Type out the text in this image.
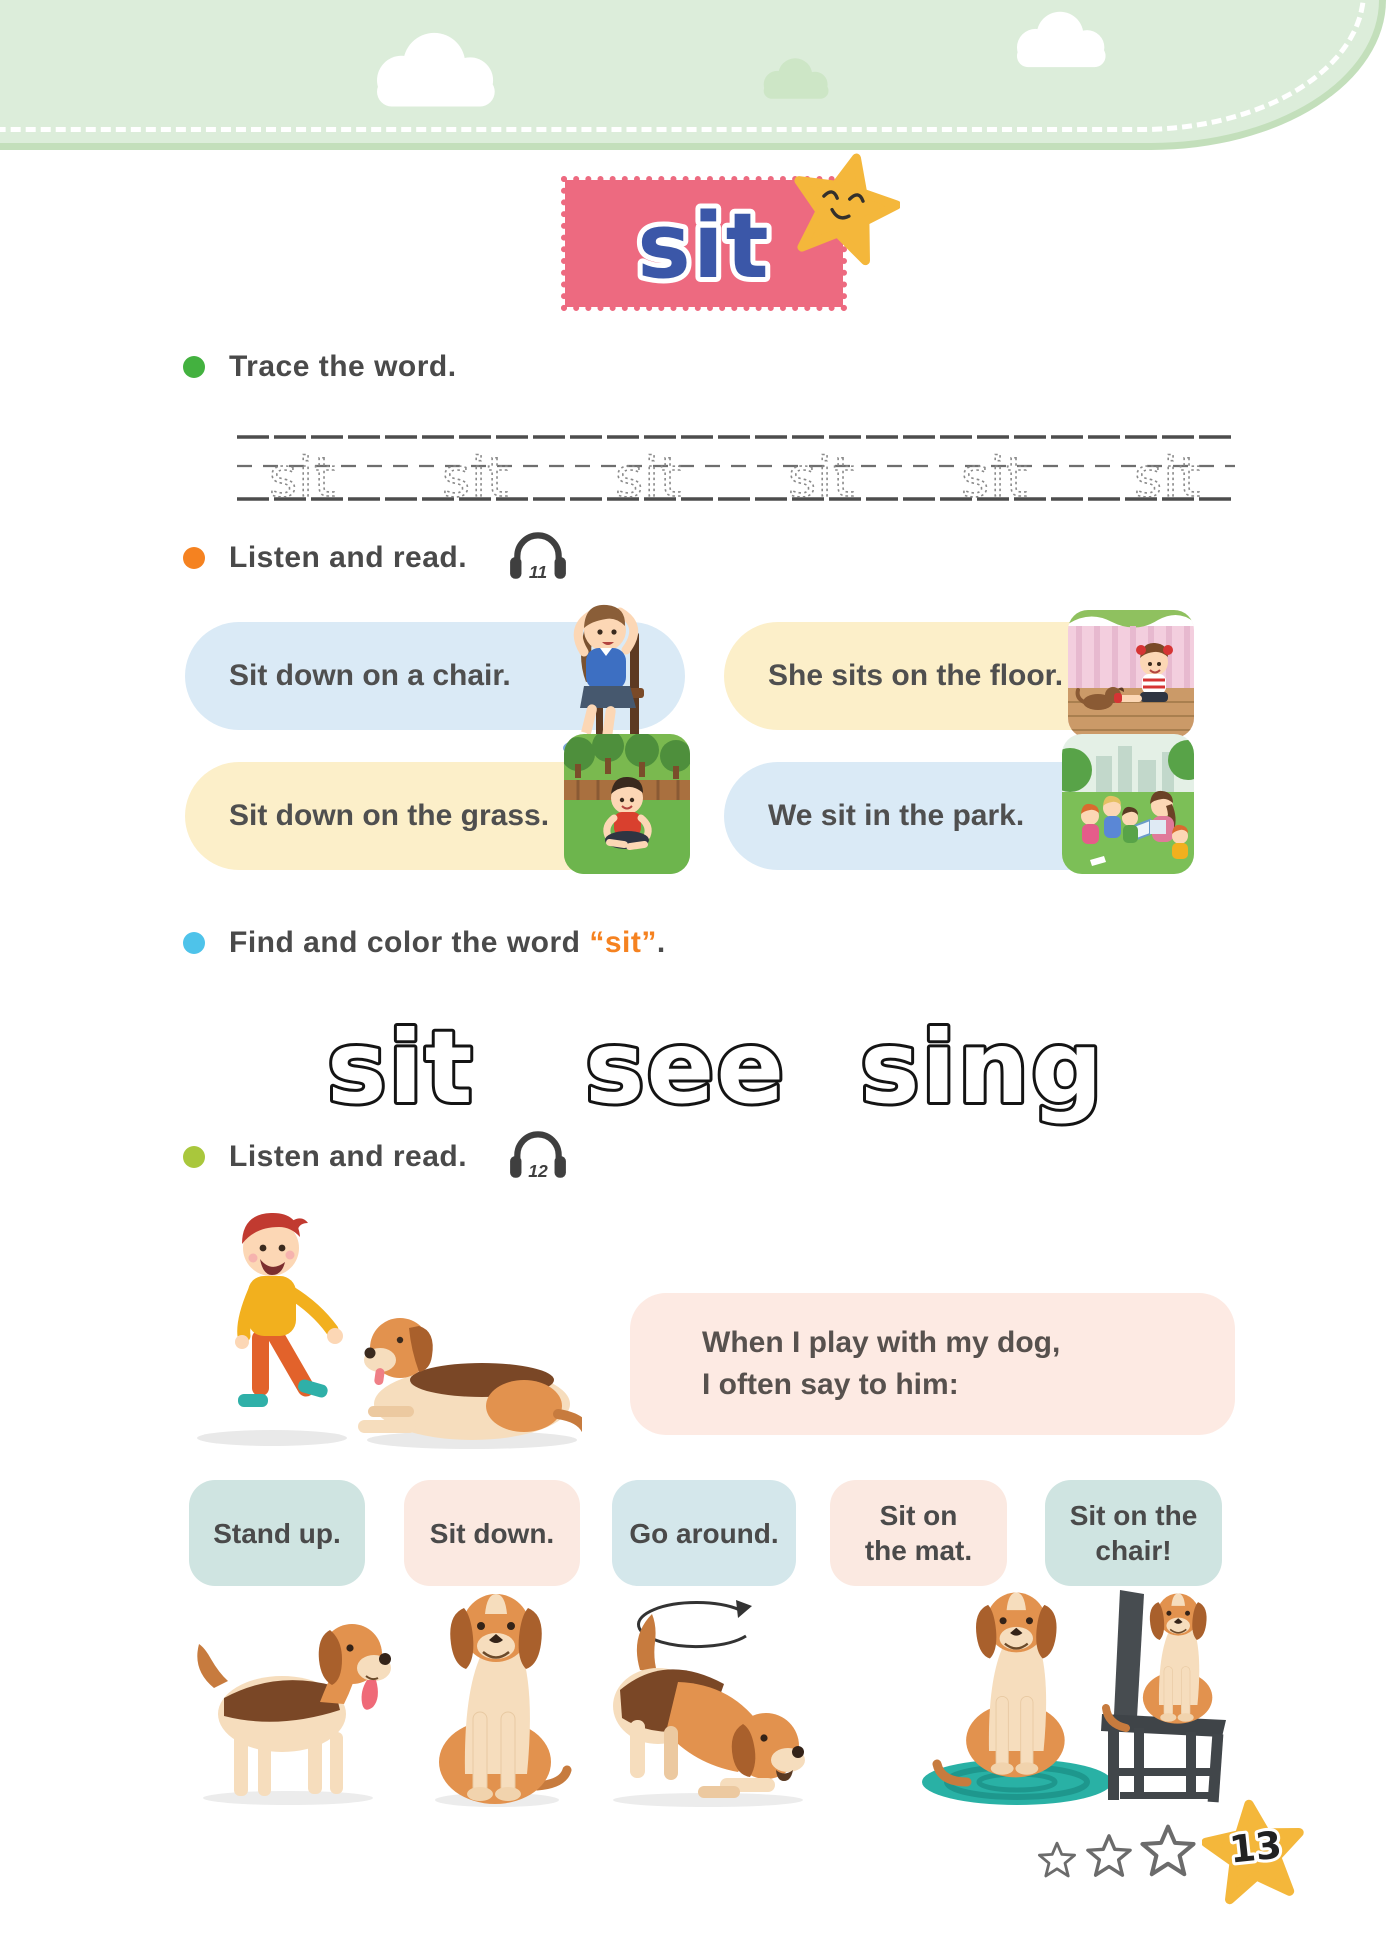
sit
Trace the word.
sit sit sit sit sit sit
Listen and read.	11
Sit down on a chair.	She sits on the floor.
Sit down on the grass.	We sit in the park.
Find and color the word “sit”.
sit see sing
Listen and read.	12
When I play with my dog,
I often say to him:
Stand up.	Sit down.	Go around.
Sit on the mat.
Sit on the chair!
13
